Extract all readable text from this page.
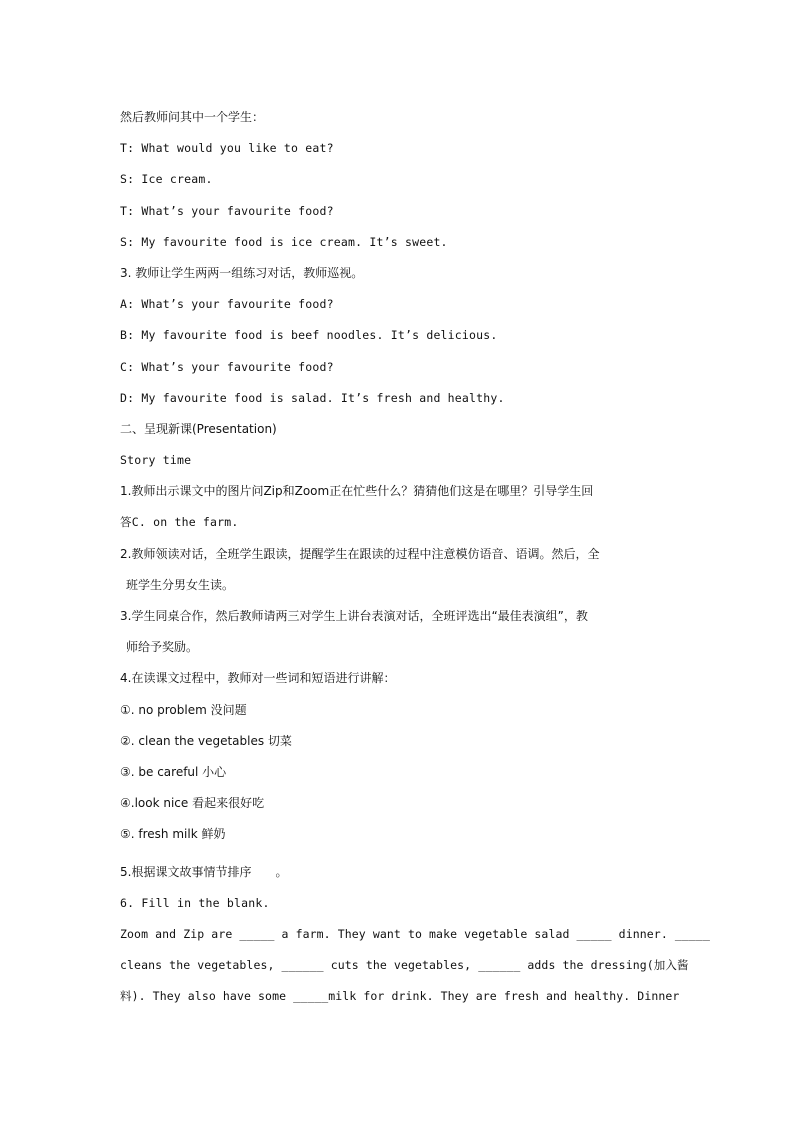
然后教师问其中一个学生：
T: What would you like to eat?
S: Ice cream.
T: What’s your favourite food?
S: My favourite food is ice cream. It’s sweet.
3. 教师让学生两两一组练习对话，教师巡视。
A: What’s your favourite food?
B: My favourite food is beef noodles. It’s delicious.
C: What’s your favourite food?
D: My favourite food is salad. It’s fresh and healthy.
二、呈现新课(Presentation)
Story time
1.教师出示课文中的图片问Zip和Zoom正在忙些什么？猜猜他们这是在哪里？引导学生回
答C. on the farm.
2.教师领读对话，全班学生跟读，提醒学生在跟读的过程中注意模仿语音、语调。然后，全
班学生分男女生读。
3.学生同桌合作，然后教师请两三对学生上讲台表演对话，全班评选出“最佳表演组”，教
师给予奖励。
4.在读课文过程中，教师对一些词和短语进行讲解：
①. no problem 没问题
②. clean the vegetables 切菜
③. be careful 小心
④.look nice 看起来很好吃
⑤. fresh milk 鲜奶
5.根据课文故事情节排序　　。
6. Fill in the blank.
Zoom and Zip are _____ a farm. They want to make vegetable salad _____ dinner. _____
cleans the vegetables, ______ cuts the vegetables, ______ adds the dressing(加入酱
料). They also have some _____milk for drink. They are fresh and healthy. Dinner
